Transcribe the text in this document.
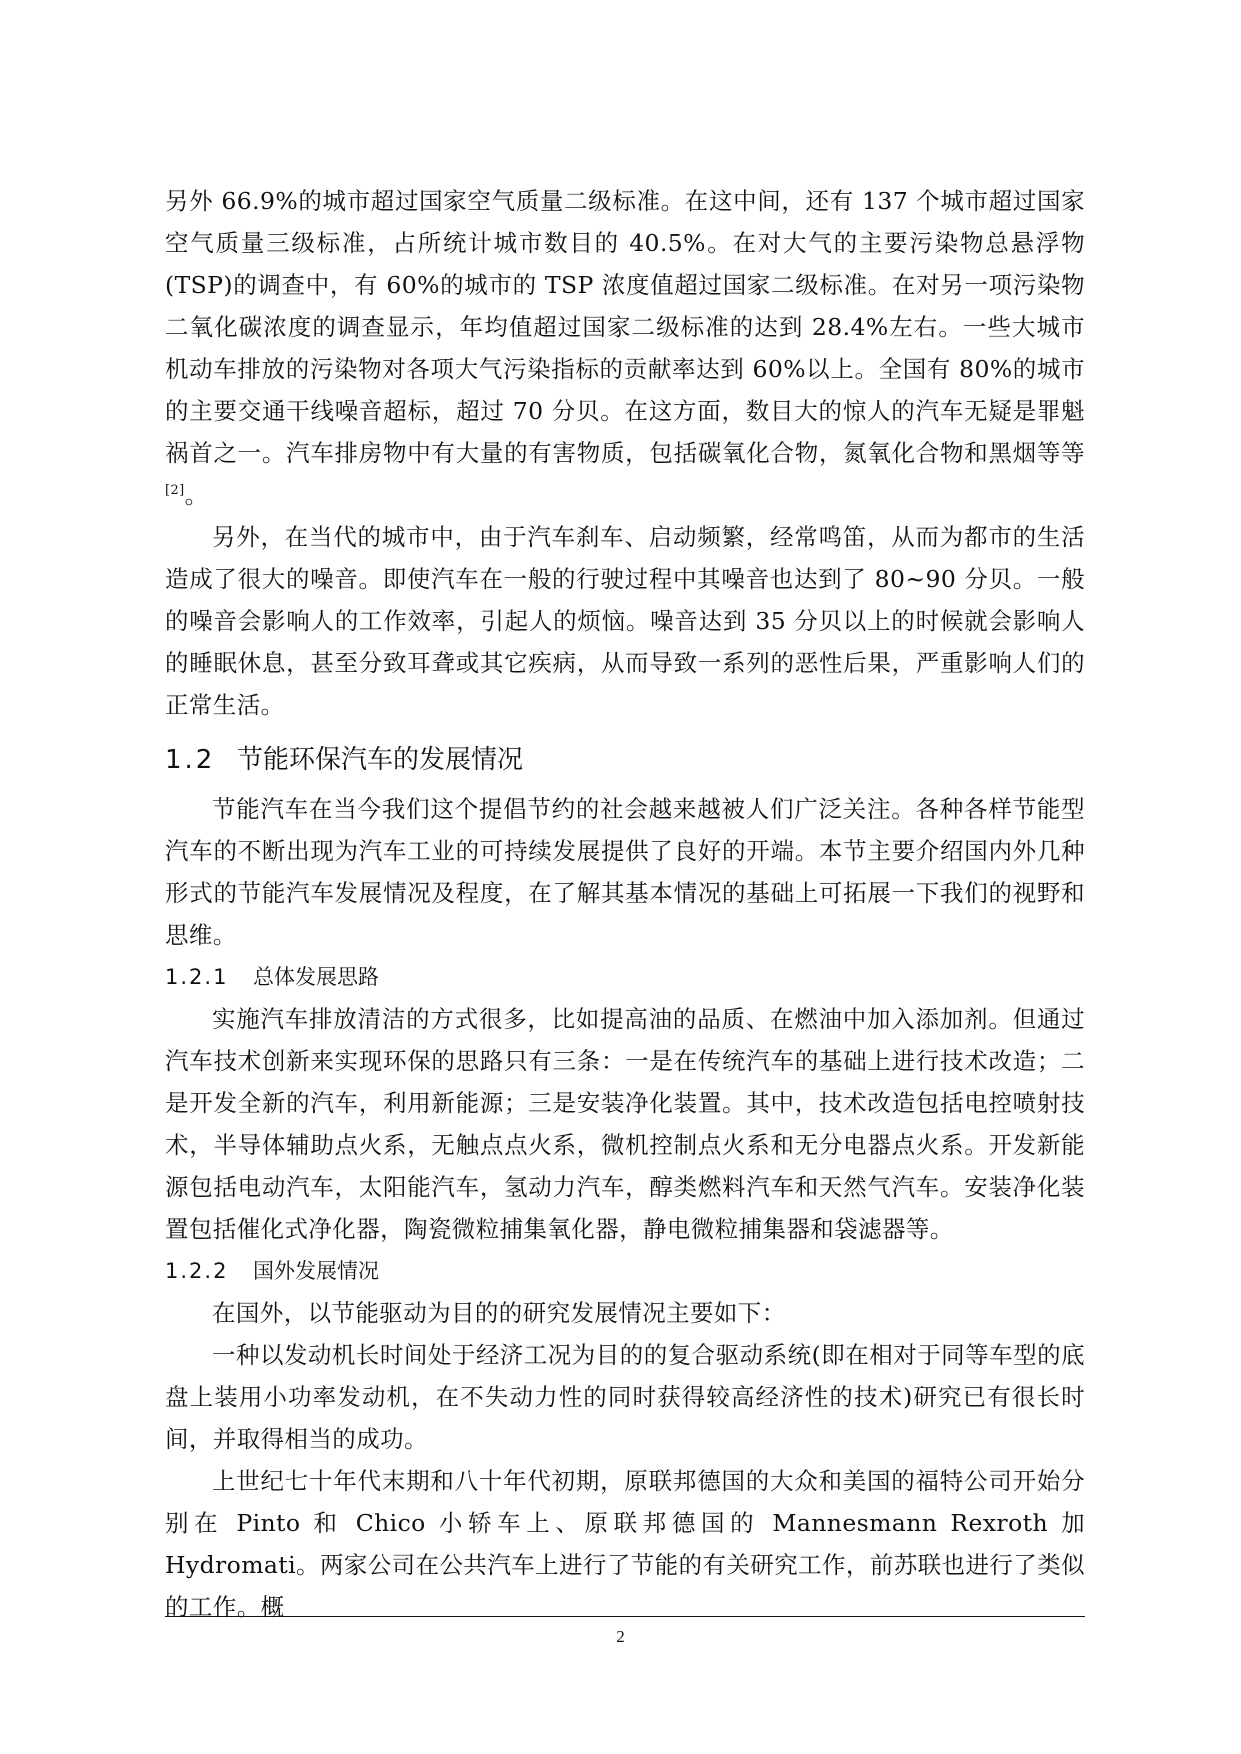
另外 66.9%的城市超过国家空气质量二级标准。在这中间，还有 137 个城市超过国家空气质量三级标准，占所统计城市数目的 40.5%。在对大气的主要污染物总悬浮物(TSP)的调查中，有 60%的城市的 TSP 浓度值超过国家二级标准。在对另一项污染物二氧化碳浓度的调查显示，年均值超过国家二级标准的达到 28.4%左右。一些大城市机动车排放的污染物对各项大气污染指标的贡献率达到 60%以上。全国有 80%的城市的主要交通干线噪音超标，超过 70 分贝。在这方面，数目大的惊人的汽车无疑是罪魁祸首之一。汽车排房物中有大量的有害物质，包括碳氧化合物，氮氧化合物和黑烟等等[2]。

另外，在当代的城市中，由于汽车刹车、启动频繁，经常鸣笛，从而为都市的生活造成了很大的噪音。即使汽车在一般的行驶过程中其噪音也达到了 80~90 分贝。一般的噪音会影响人的工作效率，引起人的烦恼。噪音达到 35 分贝以上的时候就会影响人的睡眠休息，甚至分致耳聋或其它疾病，从而导致一系列的恶性后果，严重影响人们的正常生活。

1.2 节能环保汽车的发展情况

节能汽车在当今我们这个提倡节约的社会越来越被人们广泛关注。各种各样节能型汽车的不断出现为汽车工业的可持续发展提供了良好的开端。本节主要介绍国内外几种形式的节能汽车发展情况及程度，在了解其基本情况的基础上可拓展一下我们的视野和思维。

1.2.1 总体发展思路

实施汽车排放清洁的方式很多，比如提高油的品质、在燃油中加入添加剂。但通过汽车技术创新来实现环保的思路只有三条：一是在传统汽车的基础上进行技术改造；二是开发全新的汽车，利用新能源；三是安装净化装置。其中，技术改造包括电控喷射技术，半导体辅助点火系，无触点点火系，微机控制点火系和无分电器点火系。开发新能源包括电动汽车，太阳能汽车，氢动力汽车，醇类燃料汽车和天然气汽车。安装净化装置包括催化式净化器，陶瓷微粒捕集氧化器，静电微粒捕集器和袋滤器等。

1.2.2 国外发展情况

在国外，以节能驱动为目的的研究发展情况主要如下：

一种以发动机长时间处于经济工况为目的的复合驱动系统(即在相对于同等车型的底盘上装用小功率发动机，在不失动力性的同时获得较高经济性的技术)研究已有很长时间，并取得相当的成功。

上世纪七十年代末期和八十年代初期，原联邦德国的大众和美国的福特公司开始分别在 Pinto 和 Chico 小轿车上、原联邦德国的 Mannesmann Rexroth 加 Hydromati。两家公司在公共汽车上进行了节能的有关研究工作，前苏联也进行了类似的工作。概

2
